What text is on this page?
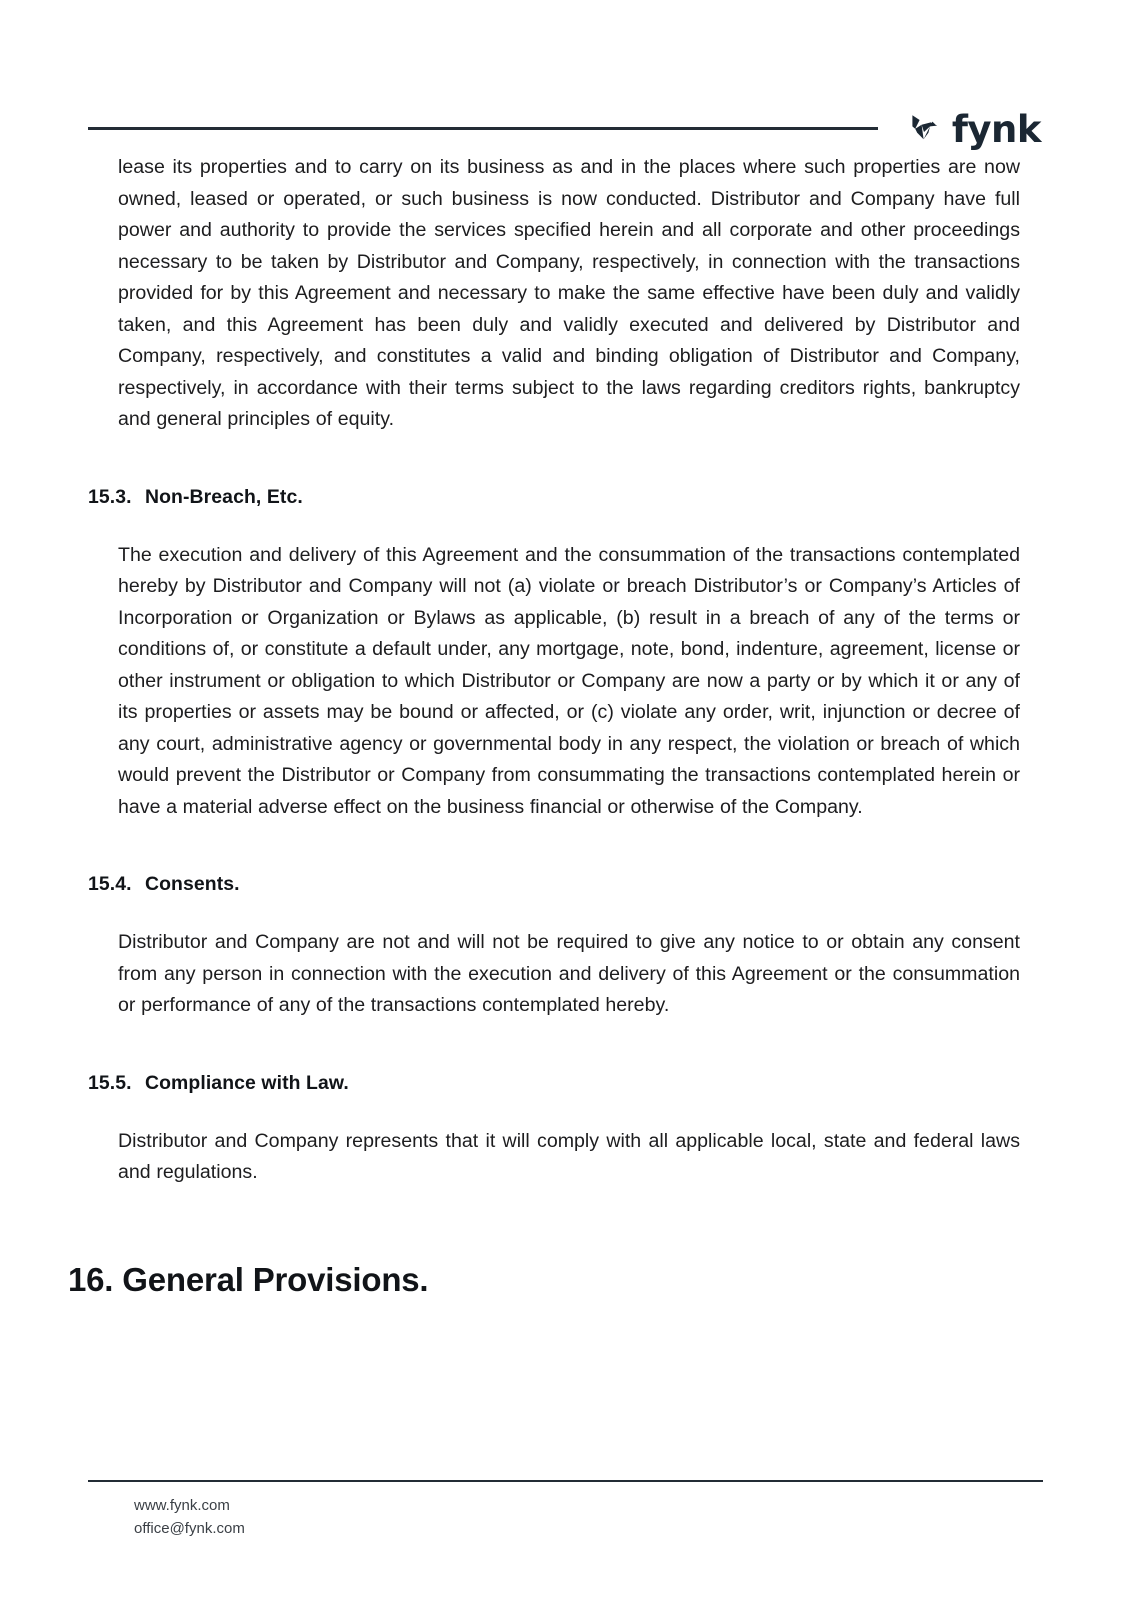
fynk

lease its properties and to carry on its business as and in the places where such properties are now owned, leased or operated, or such business is now conducted. Distributor and Company have full power and authority to provide the services specified herein and all corporate and other proceedings necessary to be taken by Distributor and Company, respectively, in connection with the transactions provided for by this Agreement and necessary to make the same effective have been duly and validly taken, and this Agreement has been duly and validly executed and delivered by Distributor and Company, respectively, and constitutes a valid and binding obligation of Distributor and Company, respectively, in accordance with their terms subject to the laws regarding creditors rights, bankruptcy and general principles of equity.

15.3. Non-Breach, Etc.

The execution and delivery of this Agreement and the consummation of the transactions contemplated hereby by Distributor and Company will not (a) violate or breach Distributor’s or Company’s Articles of Incorporation or Organization or Bylaws as applicable, (b) result in a breach of any of the terms or conditions of, or constitute a default under, any mortgage, note, bond, indenture, agreement, license or other instrument or obligation to which Distributor or Company are now a party or by which it or any of its properties or assets may be bound or affected, or (c) violate any order, writ, injunction or decree of any court, administrative agency or governmental body in any respect, the violation or breach of which would prevent the Distributor or Company from consummating the transactions contemplated herein or have a material adverse effect on the business financial or otherwise of the Company.

15.4. Consents.

Distributor and Company are not and will not be required to give any notice to or obtain any consent from any person in connection with the execution and delivery of this Agreement or the consummation or performance of any of the transactions contemplated hereby.

15.5. Compliance with Law.

Distributor and Company represents that it will comply with all applicable local, state and federal laws and regulations.

16. General Provisions.
www.fynk.com
office@fynk.com
